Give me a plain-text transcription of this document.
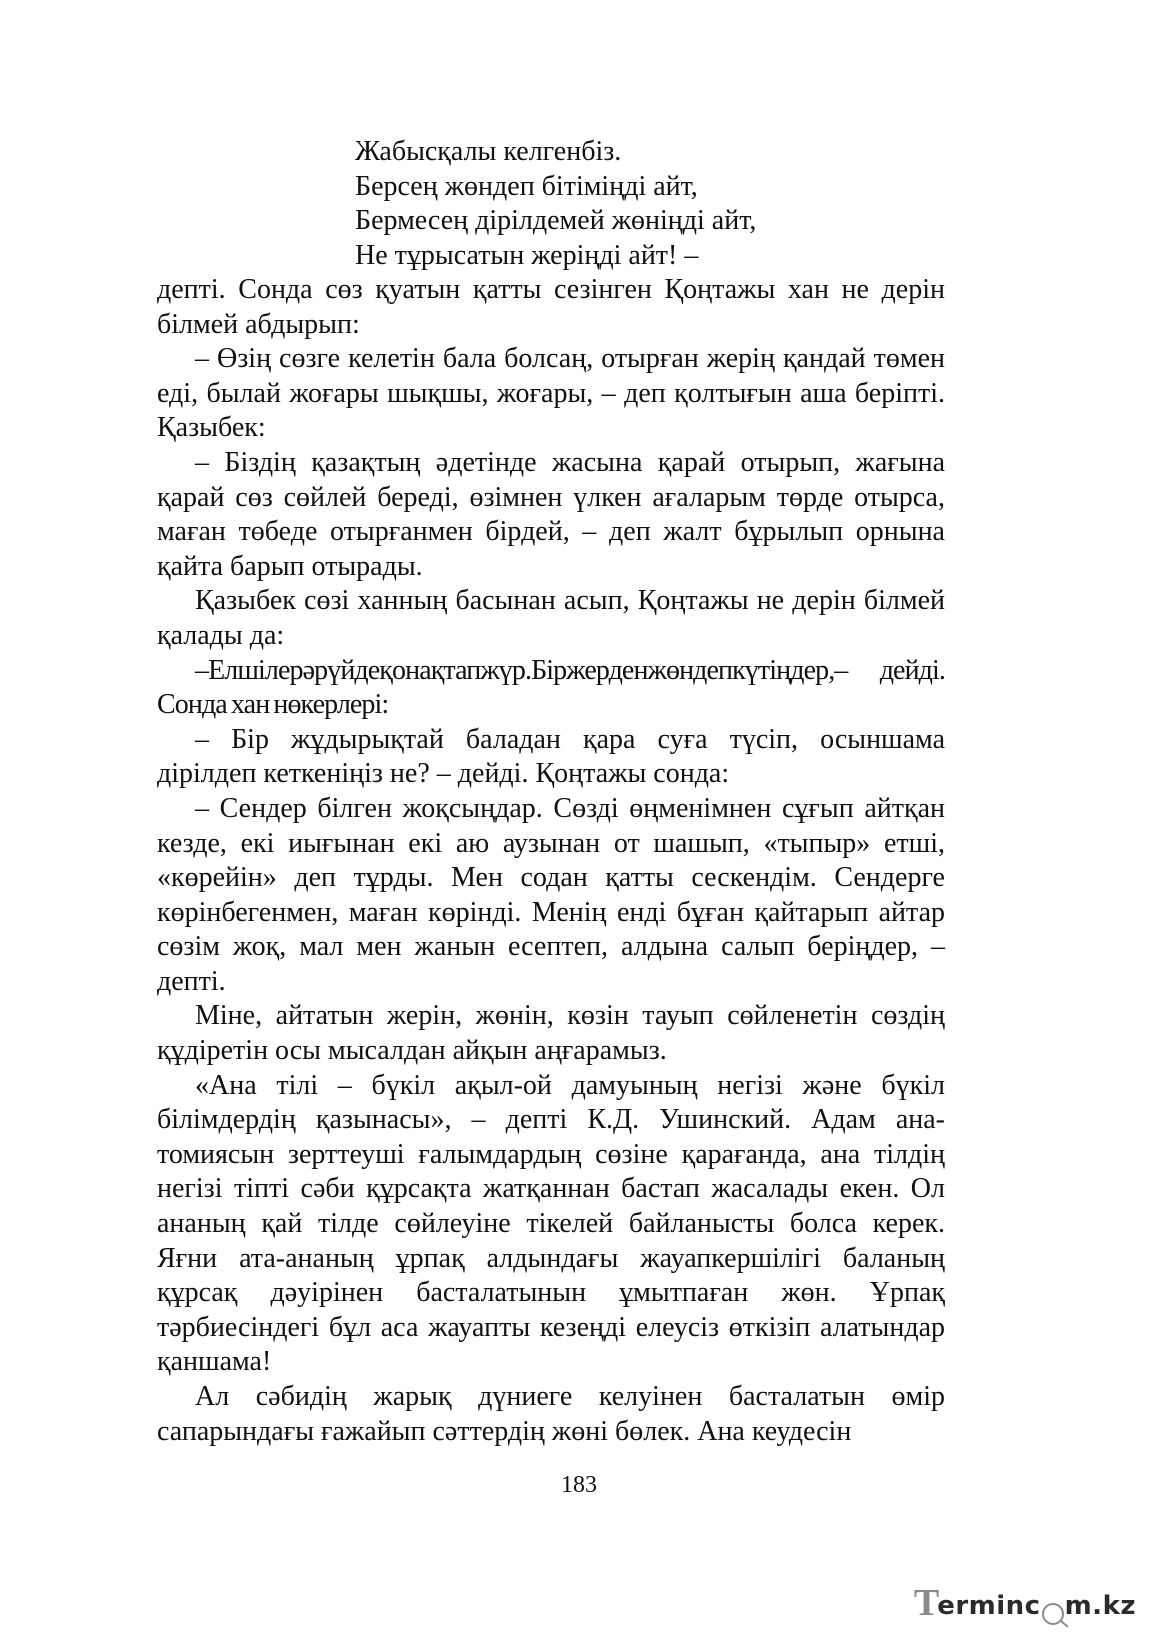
Жабысқалы келгенбіз.
Берсең жөндеп бітіміңді айт,
Бермесең дірілдемей жөніңді айт,
Не тұрысатын жеріңді айт! –

депті. Сонда сөз қуатын қатты сезінген Қоңтажы хан не дерін білмей абдырып:

– Өзің сөзге келетін бала болсаң, отырған жерің қандай төмен еді, былай жоғары шықшы, жоғары, – деп қолтығын аша беріпті. Қазыбек:

– Біздің қазақтың әдетінде жасына қарай отырып, жағына қарай сөз сөйлей береді, өзімнен үлкен ағаларым төрде отырса, маған төбеде отырғанмен бірдей, – деп жалт бұрылып орнына қайта барып отырады.

Қазыбек сөзі ханның басынан асып, Қоңтажы не дерін білмей қалады да:

–Елшілерәрүйдеқонақтапжүр.Біржерденжөндепкүтіңдер,– дейді. Сонда хан нөкерлері:

– Бір жұдырықтай баладан қара суға түсіп, осыншама дірілдеп кеткеніңіз не? – дейді. Қоңтажы сонда:

– Сендер білген жоқсыңдар. Сөзді өңменімнен сұғып айтқан кезде, екі иығынан екі аю аузынан от шашып, «тыпыр» етші, «көрейін» деп тұрды. Мен содан қатты сескендім. Сендерге көрінбегенмен, маған көрінді. Менің енді бұған қайтарып айтар сөзім жоқ, мал мен жанын есептеп, алдына салып беріңдер, – депті.

Міне, айтатын жерін, жөнін, көзін тауып сөйленетін сөздің құдіретін осы мысалдан айқын аңғарамыз.

«Ана тілі – бүкіл ақыл-ой дамуының негізі және бүкіл білімдердің қазынасы», – депті К.Д. Ушинский. Адам анатомиясын зерттеуші ғалымдардың сөзіне қарағанда, ана тілдің негізі тіпті сәби құрсақта жатқаннан бастап жасалады екен. Ол ананың қай тілде сөйлеуіне тікелей байланысты болса керек. Яғни ата-ананың ұрпақ алдындағы жауапкершілігі баланың құрсақ дәуірінен басталатынын ұмытпаған жөн. Ұрпақ тәрбиесіндегі бұл аса жауапты кезеңді елеусіз өткізіп алатындар қаншама!

Ал сәбидің жарық дүниеге келуінен басталатын өмір сапарындағы ғажайып сәттердің жөні бөлек. Ана кеудесін

183
T
erminc m.kz
